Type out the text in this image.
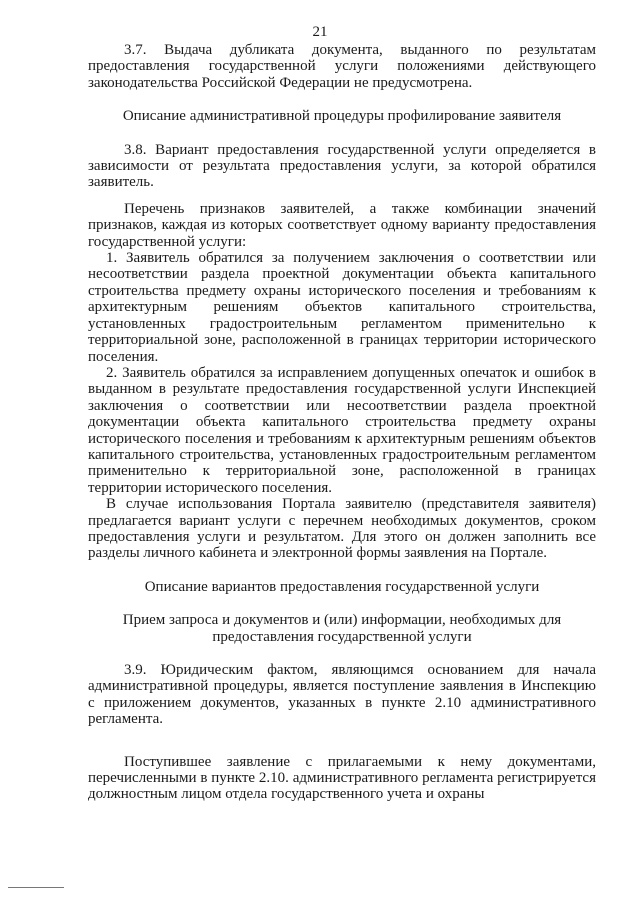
21

3.7. Выдача дубликата документа, выданного по результатам предоставления государственной услуги положениями действующего законодательства Российской Федерации не предусмотрена.

Описание административной процедуры профилирование заявителя

3.8. Вариант предоставления государственной услуги определяется в зависимости от результата предоставления услуги, за которой обратился заявитель.

Перечень признаков заявителей, а также комбинации значений признаков, каждая из которых соответствует одному варианту предоставления государственной услуги:

1. Заявитель обратился за получением заключения о соответствии или несоответствии раздела проектной документации объекта капитального строительства предмету охраны исторического поселения и требованиям к архитектурным решениям объектов капитального строительства, установленных градостроительным регламентом применительно к территориальной зоне, расположенной в границах территории исторического поселения.

2. Заявитель обратился за исправлением допущенных опечаток и ошибок в выданном в результате предоставления государственной услуги Инспекцией заключения о соответствии или несоответствии раздела проектной документации объекта капитального строительства предмету охраны исторического поселения и требованиям к архитектурным решениям объектов капитального строительства, установленных градостроительным регламентом применительно к территориальной зоне, расположенной в границах территории исторического поселения.

В случае использования Портала заявителю (представителя заявителя) предлагается вариант услуги с перечнем необходимых документов, сроком предоставления услуги и результатом. Для этого он должен заполнить все разделы личного кабинета и электронной формы заявления на Портале.

Описание вариантов предоставления государственной услуги

Прием запроса и документов и (или) информации, необходимых для предоставления государственной услуги

3.9. Юридическим фактом, являющимся основанием для начала административной процедуры, является поступление заявления в Инспекцию с приложением документов, указанных в пункте 2.10 административного регламента.

Поступившее заявление с прилагаемыми к нему документами, перечисленными в пункте 2.10. административного регламента регистрируется должностным лицом отдела государственного учета и охраны
